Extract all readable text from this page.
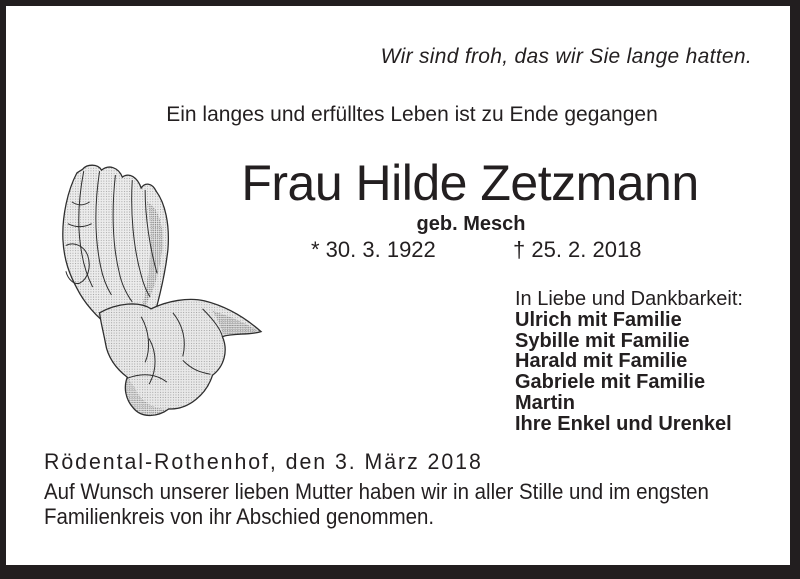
Wir sind froh, das wir Sie lange hatten.
Ein langes und erfülltes Leben ist zu Ende gegangen
Frau Hilde Zetzmann
geb. Mesch
* 30. 3. 1922	† 25. 2. 2018
In Liebe und Dankbarkeit:
Ulrich mit Familie
Sybille mit Familie
Harald mit Familie
Gabriele mit Familie
Martin
Ihre Enkel und Urenkel
Rödental-Rothenhof, den 3. März 2018
Auf Wunsch unserer lieben Mutter haben wir in aller Stille und im engsten
Familienkreis von ihr Abschied genommen.
